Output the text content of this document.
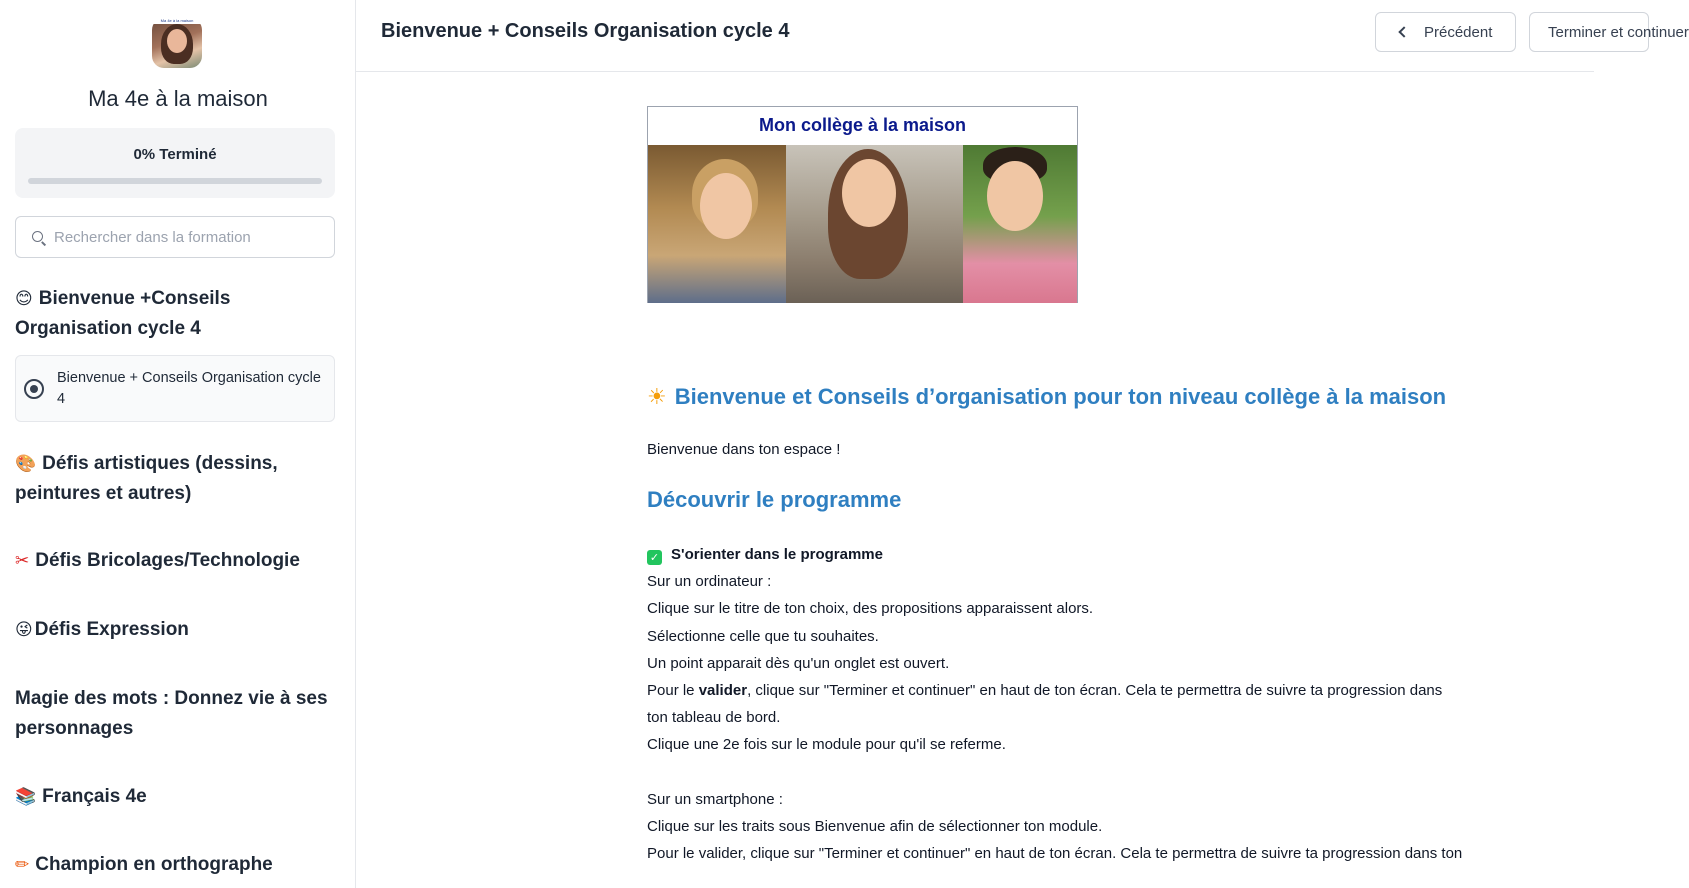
Ma 4e à la maison
Ma 4e à la maison
0% Terminé
Rechercher dans la formation
😊 Bienvenue +Conseils Organisation cycle 4
Bienvenue + Conseils Organisation cycle 4
🎨 Défis artistiques (dessins, peintures et autres)
✂ Défis Bricolages/Technologie
😜 Défis Expression
Magie des mots : Donnez vie à ses personnages
📚 Français 4e
✏ Champion en orthographe
Bienvenue + Conseils Organisation cycle 4	Précédent	Terminer et continuer
Mon collège à la maison
☀ Bienvenue et Conseils d’organisation pour ton niveau collège à la maison
Bienvenue dans ton espace !
Découvrir le programme
✓ S'orienter dans le programme
Sur un ordinateur :
Clique sur le titre de ton choix, des propositions apparaissent alors.
Sélectionne celle que tu souhaites.
Un point apparait dès qu'un onglet est ouvert.
Pour le valider, clique sur "Terminer et continuer" en haut de ton écran. Cela te permettra de suivre ta progression dans
ton tableau de bord.
Clique une 2e fois sur le module pour qu'il se referme.

Sur un smartphone :
Clique sur les traits sous Bienvenue afin de sélectionner ton module.
Pour le valider, clique sur "Terminer et continuer" en haut de ton écran. Cela te permettra de suivre ta progression dans ton
